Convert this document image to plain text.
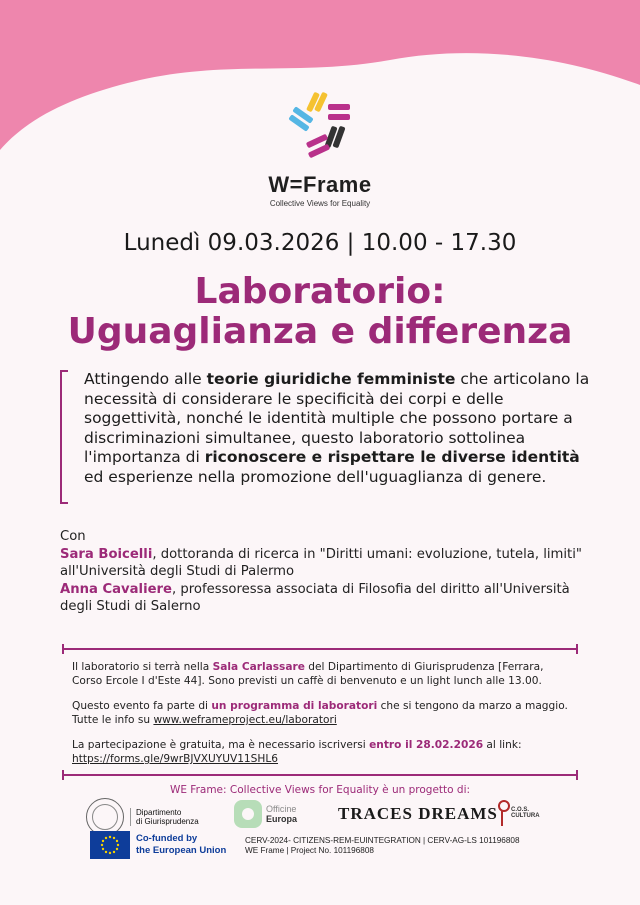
W=Frame
Collective Views for Equality
Lunedì 09.03.2026 | 10.00 - 17.30
Laboratorio:
Uguaglianza e differenza

Attingendo alle teorie giuridiche femministe che articolano la necessità di considerare le specificità dei corpi e delle soggettività, nonché le identità multiple che possono portare a discriminazioni simultanee, questo laboratorio sottolinea l'importanza di riconoscere e rispettare le diverse identità ed esperienze nella promozione dell'uguaglianza di genere.

Con
Sara Boicelli, dottoranda di ricerca in "Diritti umani: evoluzione, tutela, limiti" all'Università degli Studi di Palermo
Anna Cavaliere, professoressa associata di Filosofia del diritto all'Università degli Studi di Salerno

Il laboratorio si terrà nella Sala Carlassare del Dipartimento di Giurisprudenza [Ferrara, Corso Ercole I d'Este 44]. Sono previsti un caffè di benvenuto e un light lunch alle 13.00.

Questo evento fa parte di un programma di laboratori che si tengono da marzo a maggio. Tutte le info su www.weframeproject.eu/laboratori

La partecipazione è gratuita, ma è necessario iscriversi entro il 28.02.2026 al link: https://forms.gle/9wrBJVXUYUV11SHL6

WE Frame: Collective Views for Equality è un progetto di:
Dipartimento
di Giurisprudenza
Officine
Europa TRACES DREAMS C.O.S.
CULTURA
Co-funded by
the European Union
CERV-2024- CITIZENS-REM-EUINTEGRATION | CERV-AG-LS 101196808
WE Frame | Project No. 101196808
